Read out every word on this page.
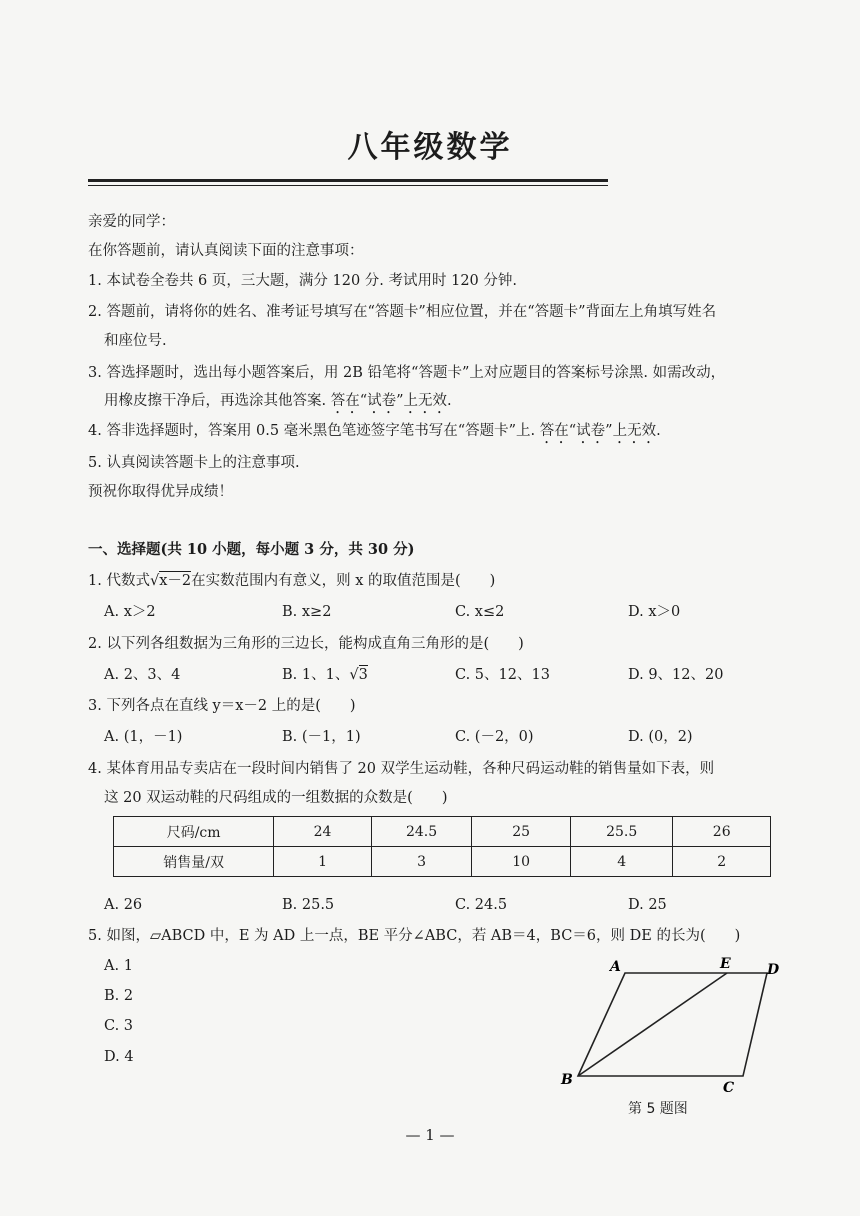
八年级数学
亲爱的同学：
在你答题前，请认真阅读下面的注意事项：
1. 本试卷全卷共 6 页，三大题，满分 120 分. 考试用时 120 分钟.
2. 答题前，请将你的姓名、准考证号填写在“答题卡”相应位置，并在“答题卡”背面左上角填写姓名
和座位号.
3. 答选择题时，选出每小题答案后，用 2B 铅笔将“答题卡”上对应题目的答案标号涂黑. 如需改动，
用橡皮擦干净后，再选涂其他答案. 答在“试卷”上无效.
4. 答非选择题时，答案用 0.5 毫米黑色笔迹签字笔书写在“答题卡”上. 答在“试卷”上无效.
5. 认真阅读答题卡上的注意事项.
预祝你取得优异成绩！
一、选择题(共 10 小题，每小题 3 分，共 30 分)
1. 代数式√x－2在实数范围内有意义，则 x 的取值范围是(　　)
A. x＞2	B. x≥2	C. x≤2	D. x＞0
2. 以下列各组数据为三角形的三边长，能构成直角三角形的是(　　)
A. 2、3、4	B. 1、1、√3	C. 5、12、13	D. 9、12、20
3. 下列各点在直线 y＝x－2 上的是(　　)
A. (1，－1)	B. (－1，1)	C. (－2，0)	D. (0，2)
4. 某体育用品专卖店在一段时间内销售了 20 双学生运动鞋，各种尺码运动鞋的销售量如下表，则
这 20 双运动鞋的尺码组成的一组数据的众数是(　　)
尺码/cm	24	24.5	25	25.5	26
销售量/双	1	3	10	4	2
A. 26	B. 25.5	C. 24.5	D. 25
5. 如图，▱ABCD 中，E 为 AD 上一点，BE 平分∠ABC，若 AB＝4，BC＝6，则 DE 的长为(　　)
A. 1
B. 2
C. 3
D. 4
A	E	D
B	C
第 5 题图
— 1 —
